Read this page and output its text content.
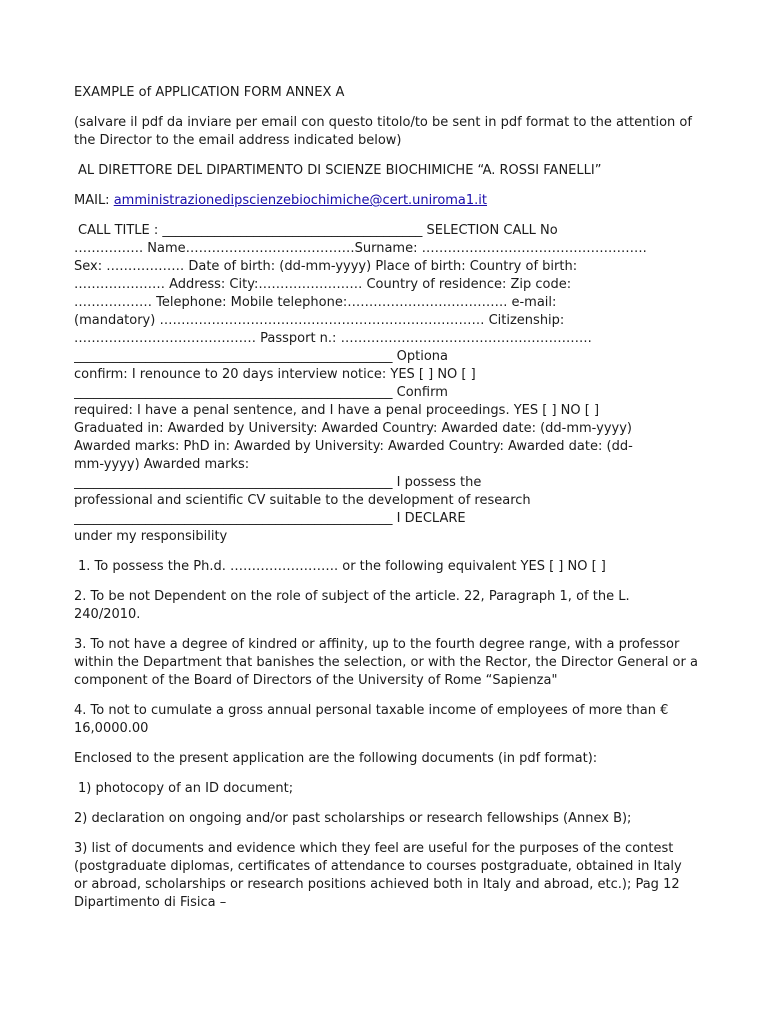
EXAMPLE of APPLICATION FORM ANNEX A

(salvare il pdf da inviare per email con questo titolo/to be sent in pdf format to the attention of the Director to the email address indicated below)

AL DIRETTORE DEL DIPARTIMENTO DI SCIENZE BIOCHIMICHE “A. ROSSI FANELLI”

MAIL: amministrazionedipscienzebiochimiche@cert.uniroma1.it

CALL TITLE : ________________________________________ SELECTION CALL No
……………. Name…………………………………Surname: …………………………………………….
Sex: ……………… Date of birth: (dd-mm-yyyy) Place of birth: Country of birth:
………………… Address: City:…………………… Country of residence: Zip code:
……………… Telephone: Mobile telephone:………………………………. e-mail:
(mandatory) ………………………………………………………………… Citizenship:
…………………………………… Passport n.: ………………………………………………….
_________________________________________________ Optiona
confirm: I renounce to 20 days interview notice: YES [ ] NO [ ]
_________________________________________________ Confirm
required: I have a penal sentence, and I have a penal proceedings. YES [ ] NO [ ]
Graduated in: Awarded by University: Awarded Country: Awarded date: (dd-mm-yyyy)
Awarded marks: PhD in: Awarded by University: Awarded Country: Awarded date: (dd-
mm-yyyy) Awarded marks:
_________________________________________________ I possess the
professional and scientific CV suitable to the development of research
_________________________________________________ I DECLARE
under my responsibility

1. To possess the Ph.d. ……………………. or the following equivalent YES [ ] NO [ ]

2. To be not Dependent on the role of subject of the article. 22, Paragraph 1, of the L. 240/2010.

3. To not have a degree of kindred or affinity, up to the fourth degree range, with a professor within the Department that banishes the selection, or with the Rector, the Director General or a component of the Board of Directors of the University of Rome “Sapienza"

4. To not to cumulate a gross annual personal taxable income of employees of more than € 16,0000.00

Enclosed to the present application are the following documents (in pdf format):

1) photocopy of an ID document;

2) declaration on ongoing and/or past scholarships or research fellowships (Annex B);

3) list of documents and evidence which they feel are useful for the purposes of the contest (postgraduate diplomas, certificates of attendance to courses postgraduate, obtained in Italy or abroad, scholarships or research positions achieved both in Italy and abroad, etc.); Pag 12 Dipartimento di Fisica –
